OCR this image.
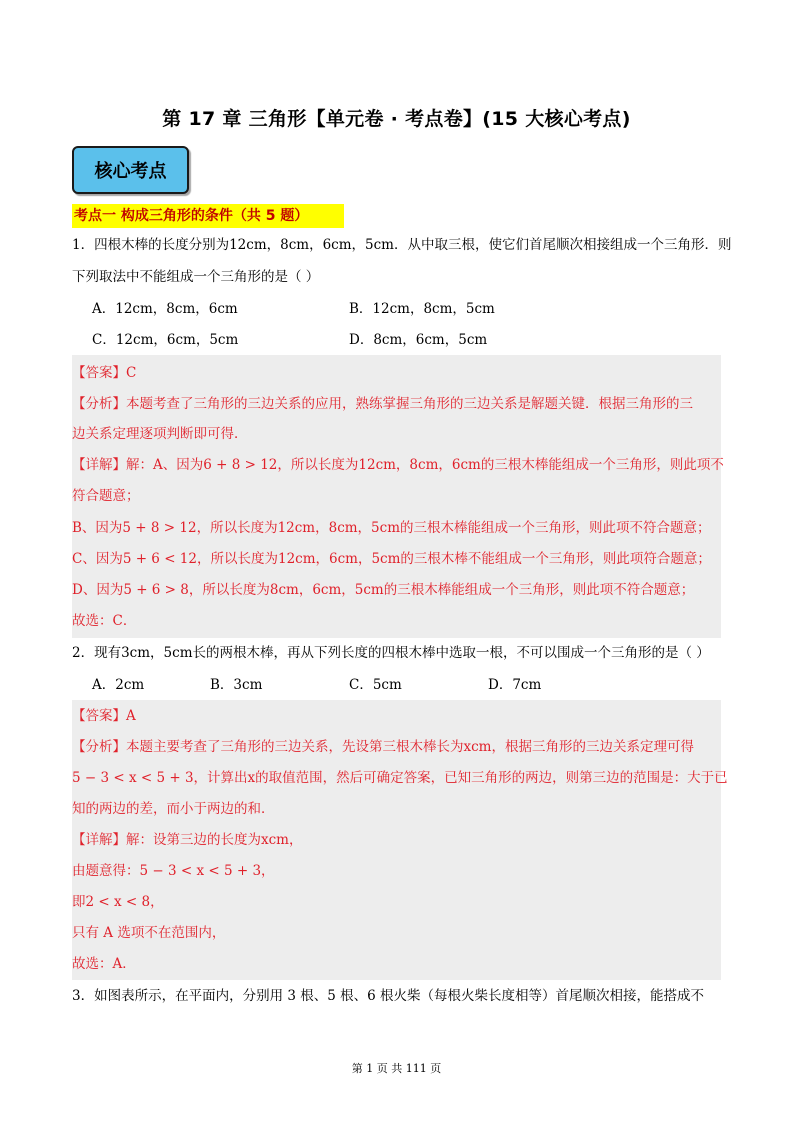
第 17 章 三角形【单元卷 · 考点卷】(15 大核心考点)
核心考点
考点一 构成三角形的条件（共 5 题）
1．四根木棒的长度分别为12cm，8cm，6cm，5cm．从中取三根，使它们首尾顺次相接组成一个三角形．则
下列取法中不能组成一个三角形的是（ ）
A．12cm，8cm，6cm	B．12cm，8cm，5cm
C．12cm，6cm，5cm	D．8cm，6cm，5cm
【答案】C
【分析】本题考查了三角形的三边关系的应用，熟练掌握三角形的三边关系是解题关键．根据三角形的三
边关系定理逐项判断即可得．
【详解】解：A、因为6 + 8 > 12，所以长度为12cm，8cm，6cm的三根木棒能组成一个三角形，则此项不
符合题意；
B、因为5 + 8 > 12，所以长度为12cm，8cm，5cm的三根木棒能组成一个三角形，则此项不符合题意；
C、因为5 + 6 < 12，所以长度为12cm，6cm，5cm的三根木棒不能组成一个三角形，则此项符合题意；
D、因为5 + 6 > 8，所以长度为8cm，6cm，5cm的三根木棒能组成一个三角形，则此项不符合题意；
故选：C．
2．现有3cm，5cm长的两根木棒，再从下列长度的四根木棒中选取一根，不可以围成一个三角形的是（ ）
A．2cm	B．3cm	C．5cm	D．7cm
【答案】A
【分析】本题主要考查了三角形的三边关系，先设第三根木棒长为xcm，根据三角形的三边关系定理可得
5 − 3 < x < 5 + 3，计算出x的取值范围，然后可确定答案，已知三角形的两边，则第三边的范围是：大于已
知的两边的差，而小于两边的和．
【详解】解：设第三边的长度为xcm，
由题意得：5 − 3 < x < 5 + 3，
即2 < x < 8，
只有 A 选项不在范围内，
故选：A．
3．如图表所示，在平面内，分别用 3 根、5 根、6 根火柴（每根火柴长度相等）首尾顺次相接，能搭成不
第 1 页 共 111 页
